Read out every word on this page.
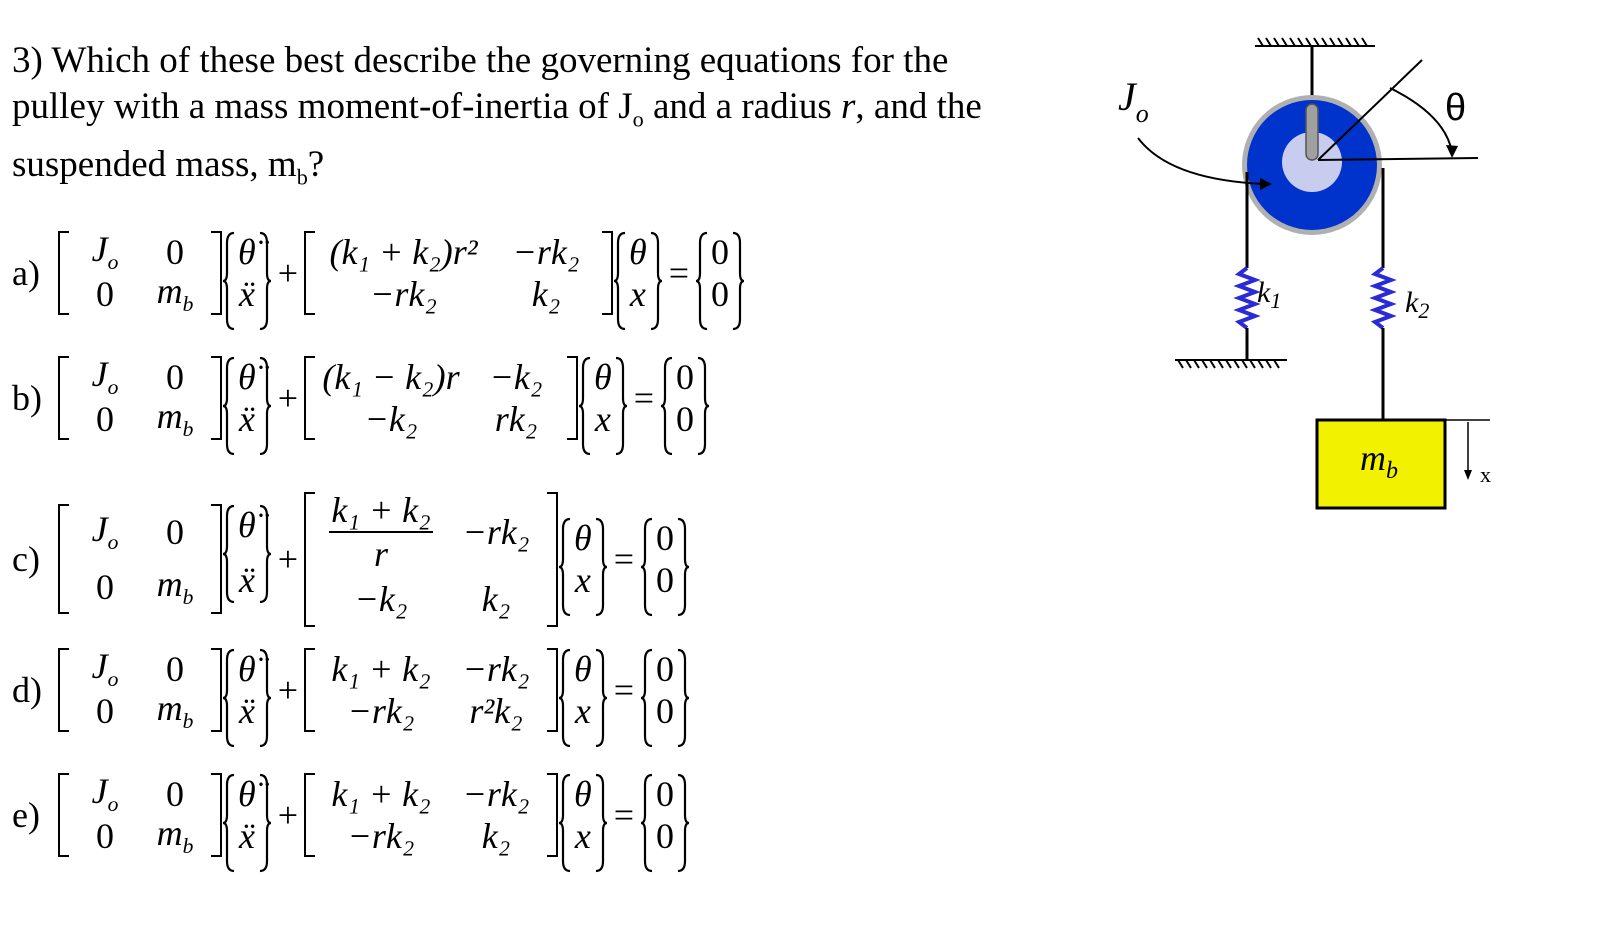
3) Which of these best describe the governing equations for the

pulley with a mass moment-of-inertia of $J_o$ and a radius r, and the

suspended mass, $m_b$?

a)
$J_o$ 0
0 $m_b$
θ̈
ẍ
+
(k₁ + k₂)r² −rk₂
−rk₂	k₂
θ
x
=
0
0
b)
$J_o$ 0
0 $m_b$
θ̈
ẍ
+
(k₁ − k₂)r −k₂
−k₂ rk₂
θ
x
=
0
0
c)
$J_o$ 0
0 $m_b$
θ̈
ẍ
+ $\frac{\text{k₁ + k₂}}{r} -rk_2$
−k₂ k₂
θ
x
=
0
0
d)
$J_o$ 0
0 $m_b$
θ̈
ẍ
+
k₁ + k₂ −rk₂
−rk₂ r²k₂
θ
x
=
0
0
e)
$J_o$ 0
0 $m_b$
θ̈
ẍ
+
k₁ + k₂ −rk₂
−rk₂ k₂
θ
x
=
0
0
θ
$J_o$
$k_1$	$k_2$
$m_b$	x
